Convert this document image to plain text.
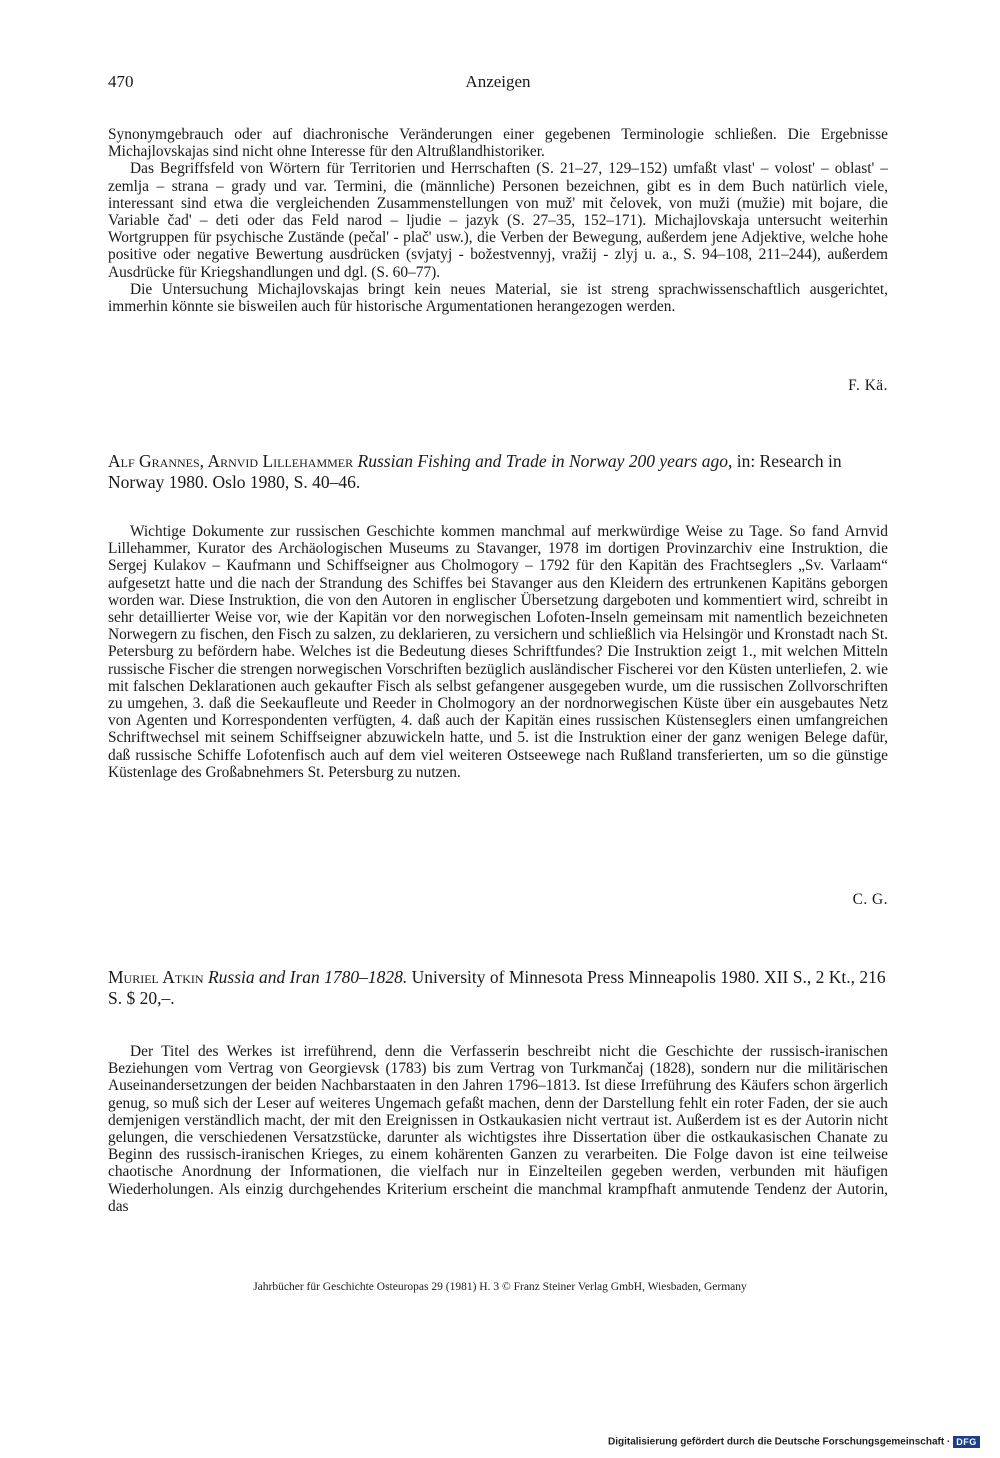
470	Anzeigen

Synonymgebrauch oder auf diachronische Veränderungen einer gegebenen Terminologie schließen. Die Ergebnisse Michajlovskajas sind nicht ohne Interesse für den Altrußlandhistoriker.

Das Begriffsfeld von Wörtern für Territorien und Herrschaften (S. 21–27, 129–152) umfaßt vlast' – volost' – oblast' – zemlja – strana – grady und var. Termini, die (männliche) Personen bezeichnen, gibt es in dem Buch natürlich viele, interessant sind etwa die vergleichenden Zusammenstellungen von muž' mit čelovek, von muži (mužie) mit bojare, die Variable čad' – deti oder das Feld narod – ljudie – jazyk (S. 27–35, 152–171). Michajlovskaja untersucht weiterhin Wortgruppen für psychische Zustände (pečal' - plač' usw.), die Verben der Bewegung, außerdem jene Adjektive, welche hohe positive oder negative Bewertung ausdrücken (svjatyj - božestvennyj, vražij - zlyj u. a., S. 94–108, 211–244), außerdem Ausdrücke für Kriegshandlungen und dgl. (S. 60–77).

Die Untersuchung Michajlovskajas bringt kein neues Material, sie ist streng sprachwissenschaftlich ausgerichtet, immerhin könnte sie bisweilen auch für historische Argumentationen herangezogen werden.

F. Kä.
Alf Grannes, Arnvid Lillehammer Russian Fishing and Trade in Norway 200 years ago, in: Research in Norway 1980. Oslo 1980, S. 40–46.

Wichtige Dokumente zur russischen Geschichte kommen manchmal auf merkwürdige Weise zu Tage. So fand Arnvid Lillehammer, Kurator des Archäologischen Museums zu Stavanger, 1978 im dortigen Provinzarchiv eine Instruktion, die Sergej Kulakov – Kaufmann und Schiffseigner aus Cholmogory – 1792 für den Kapitän des Frachtseglers „Sv. Varlaam“ aufgesetzt hatte und die nach der Strandung des Schiffes bei Stavanger aus den Kleidern des ertrunkenen Kapitäns geborgen worden war. Diese Instruktion, die von den Autoren in englischer Übersetzung dargeboten und kommentiert wird, schreibt in sehr detaillierter Weise vor, wie der Kapitän vor den norwegischen Lofoten-Inseln gemeinsam mit namentlich bezeichneten Norwegern zu fischen, den Fisch zu salzen, zu deklarieren, zu versichern und schließlich via Helsingör und Kronstadt nach St. Petersburg zu befördern habe. Welches ist die Bedeutung dieses Schriftfundes? Die Instruktion zeigt 1., mit welchen Mitteln russische Fischer die strengen norwegischen Vorschriften bezüglich ausländischer Fischerei vor den Küsten unterliefen, 2. wie mit falschen Deklarationen auch gekaufter Fisch als selbst gefangener ausgegeben wurde, um die russischen Zollvorschriften zu umgehen, 3. daß die Seekaufleute und Reeder in Cholmogory an der nordnorwegischen Küste über ein ausgebautes Netz von Agenten und Korrespondenten verfügten, 4. daß auch der Kapitän eines russischen Küstenseglers einen umfangreichen Schriftwechsel mit seinem Schiffseigner abzuwickeln hatte, und 5. ist die Instruktion einer der ganz wenigen Belege dafür, daß russische Schiffe Lofotenfisch auch auf dem viel weiteren Ostseewege nach Rußland transferierten, um so die günstige Küstenlage des Großabnehmers St. Petersburg zu nutzen.

C. G.
Muriel Atkin Russia and Iran 1780–1828. University of Minnesota Press Minneapolis 1980. XII S., 2 Kt., 216 S. $ 20,–.

Der Titel des Werkes ist irreführend, denn die Verfasserin beschreibt nicht die Geschichte der russisch-iranischen Beziehungen vom Vertrag von Georgievsk (1783) bis zum Vertrag von Turkmančaj (1828), sondern nur die militärischen Auseinandersetzungen der beiden Nachbarstaaten in den Jahren 1796–1813. Ist diese Irreführung des Käufers schon ärgerlich genug, so muß sich der Leser auf weiteres Ungemach gefaßt machen, denn der Darstellung fehlt ein roter Faden, der sie auch demjenigen verständlich macht, der mit den Ereignissen in Ostkaukasien nicht vertraut ist. Außerdem ist es der Autorin nicht gelungen, die verschiedenen Versatzstücke, darunter als wichtigstes ihre Dissertation über die ostkaukasischen Chanate zu Beginn des russisch-iranischen Krieges, zu einem kohärenten Ganzen zu verarbeiten. Die Folge davon ist eine teilweise chaotische Anordnung der Informationen, die vielfach nur in Einzelteilen gegeben werden, verbunden mit häufigen Wiederholungen. Als einzig durchgehendes Kriterium erscheint die manchmal krampfhaft anmutende Tendenz der Autorin, das

Jahrbücher für Geschichte Osteuropas 29 (1981) H. 3 © Franz Steiner Verlag GmbH, Wiesbaden, Germany
Digitalisierung gefördert durch die Deutsche Forschungsgemeinschaft · DFG
